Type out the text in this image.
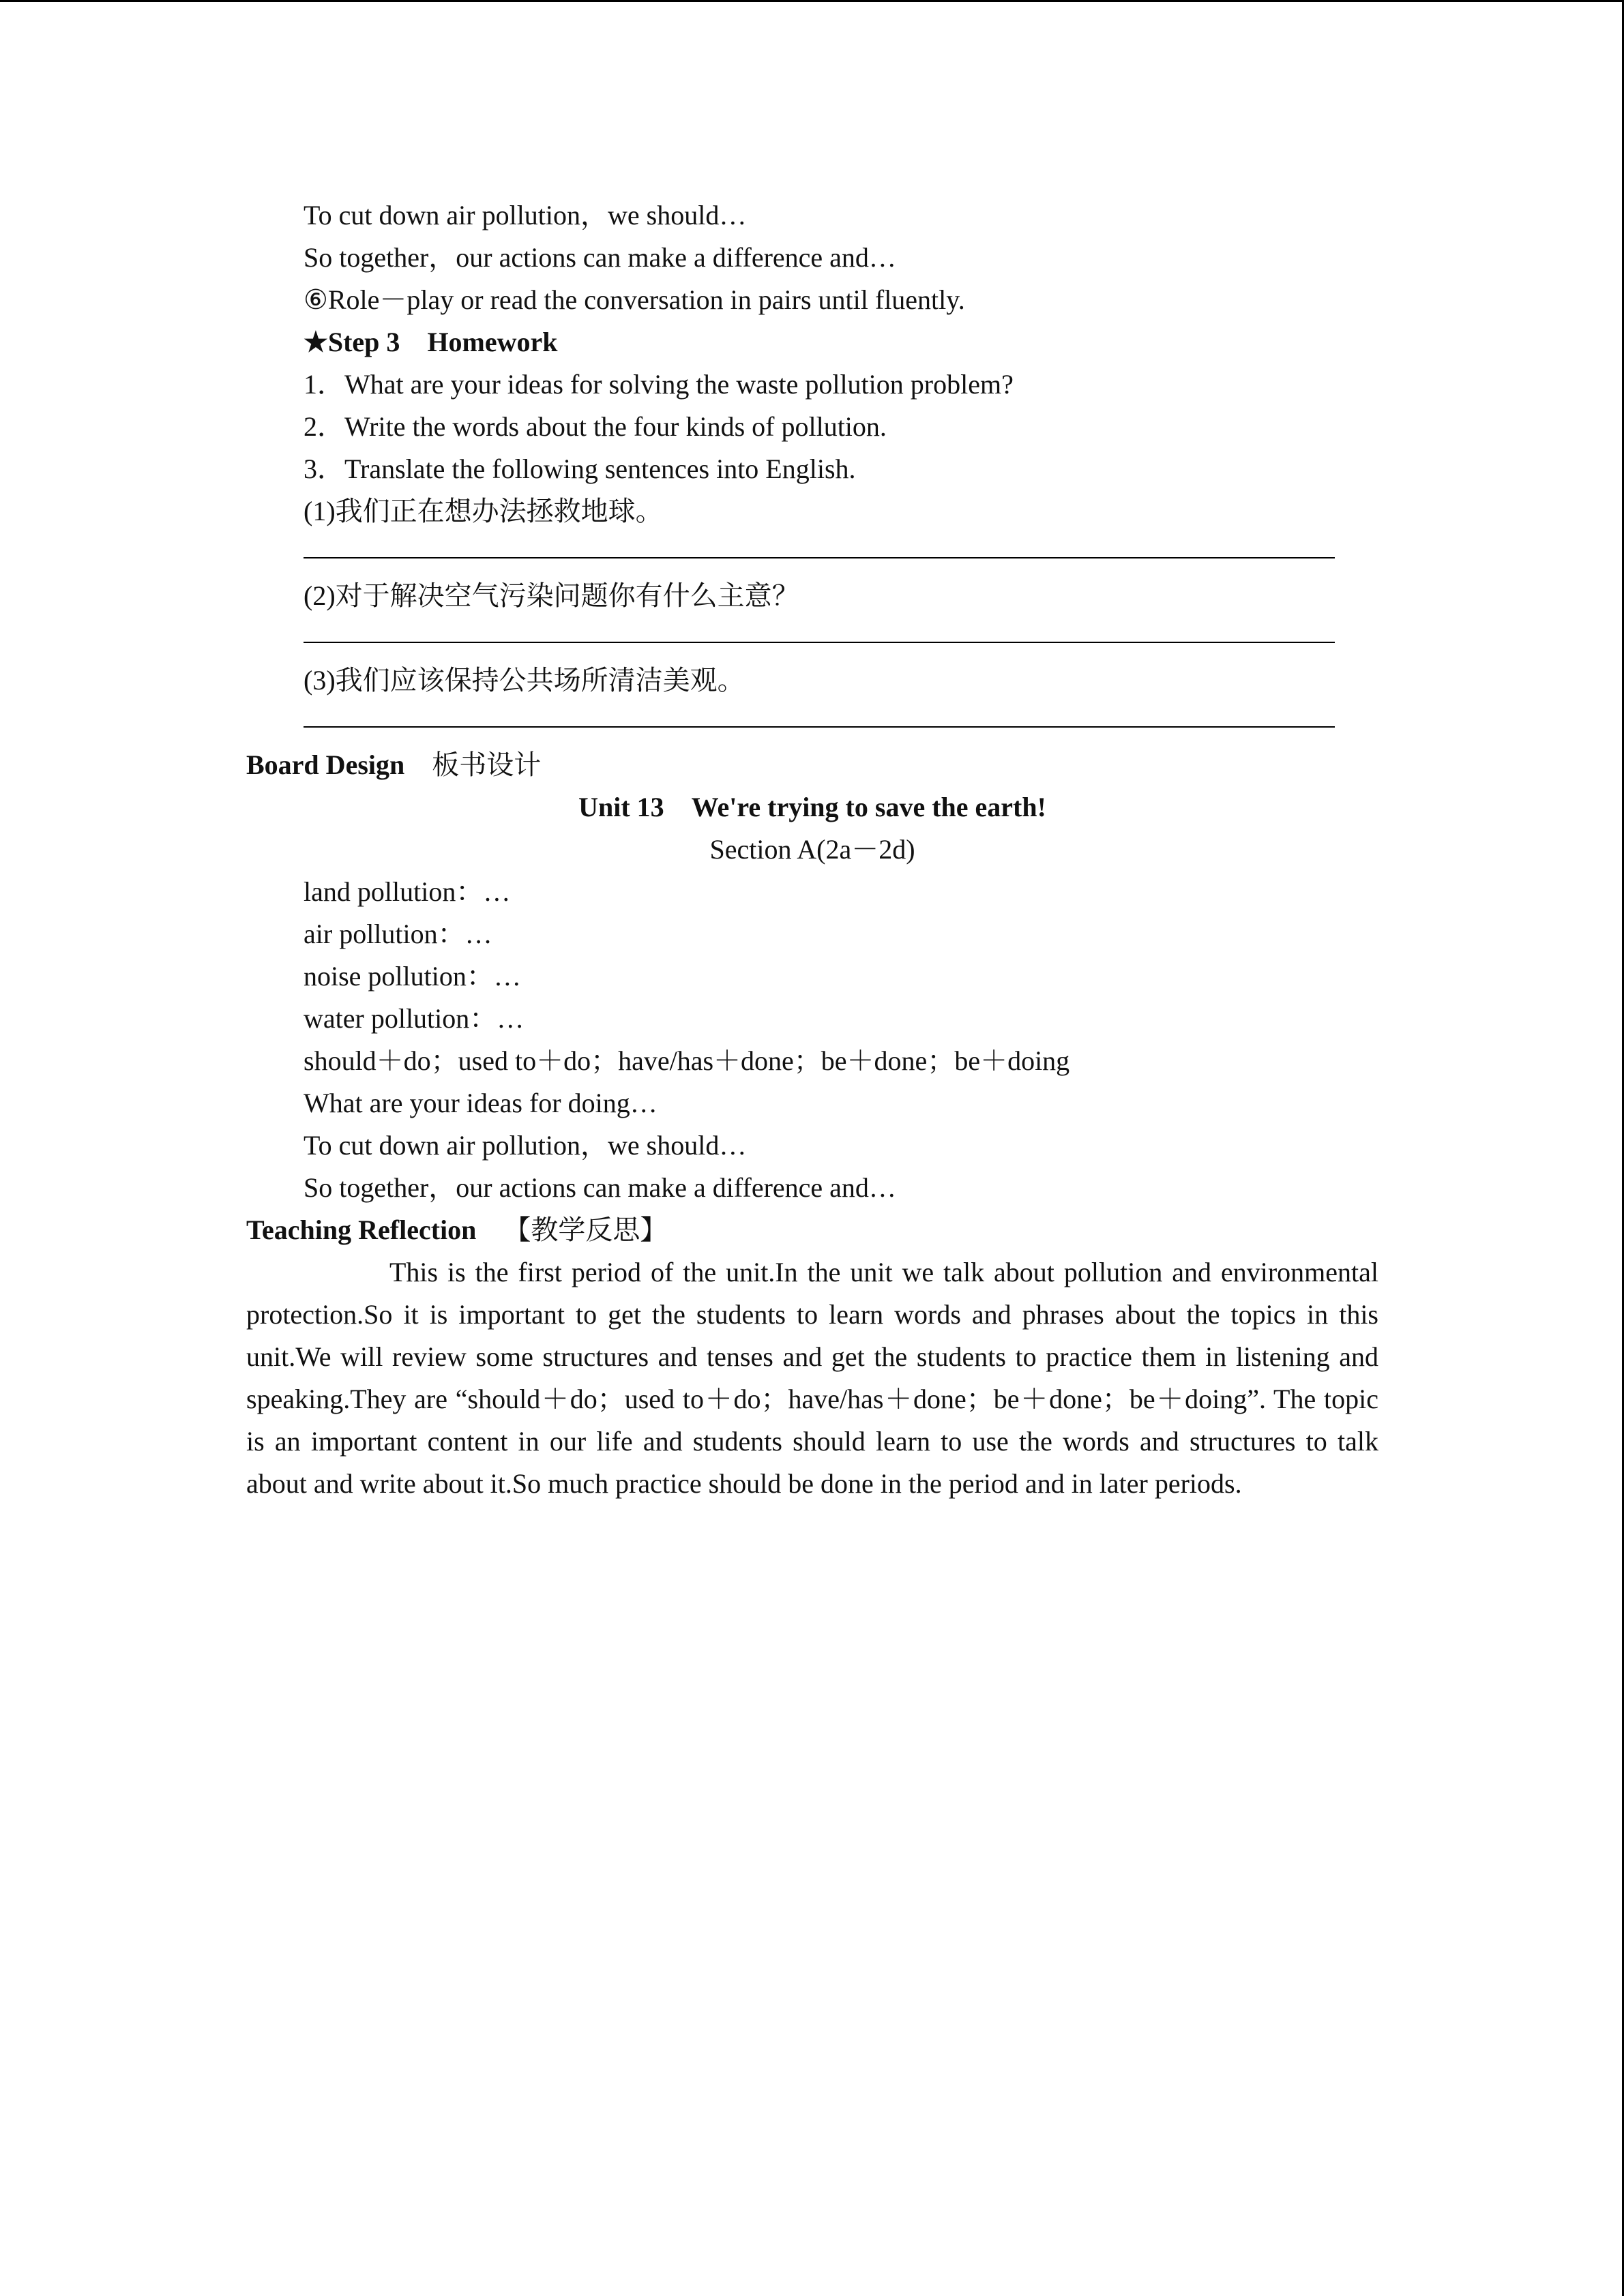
To cut down air pollution，we should…
So together，our actions can make a difference and…
⑥Role－play or read the conversation in pairs until fluently.
★Step 3 Homework
1．What are your ideas for solving the waste pollution problem?
2．Write the words about the four kinds of pollution.
3．Translate the following sentences into English.
(1)我们正在想办法拯救地球。
(2)对于解决空气污染问题你有什么主意？
(3)我们应该保持公共场所清洁美观。
Board Design 板书设计
Unit 13 We're trying to save the earth!
Section A(2a－2d)
land pollution：…
air pollution：…
noise pollution：…
water pollution：…
should＋do；used to＋do；have/has＋done；be＋done；be＋doing
What are your ideas for doing…
To cut down air pollution，we should…
So together，our actions can make a difference and…
Teaching Reflection 【教学反思】
This is the first period of the unit.In the unit we talk about pollution and environmental protection.So it is important to get the students to learn words and phrases about the topics in this unit.We will review some structures and tenses and get the students to practice them in listening and speaking.They are “should＋do；used to＋do；have/has＋done；be＋done；be＋doing”. The topic is an important content in our life and students should learn to use the words and structures to talk about and write about it.So much practice should be done in the period and in later periods.
